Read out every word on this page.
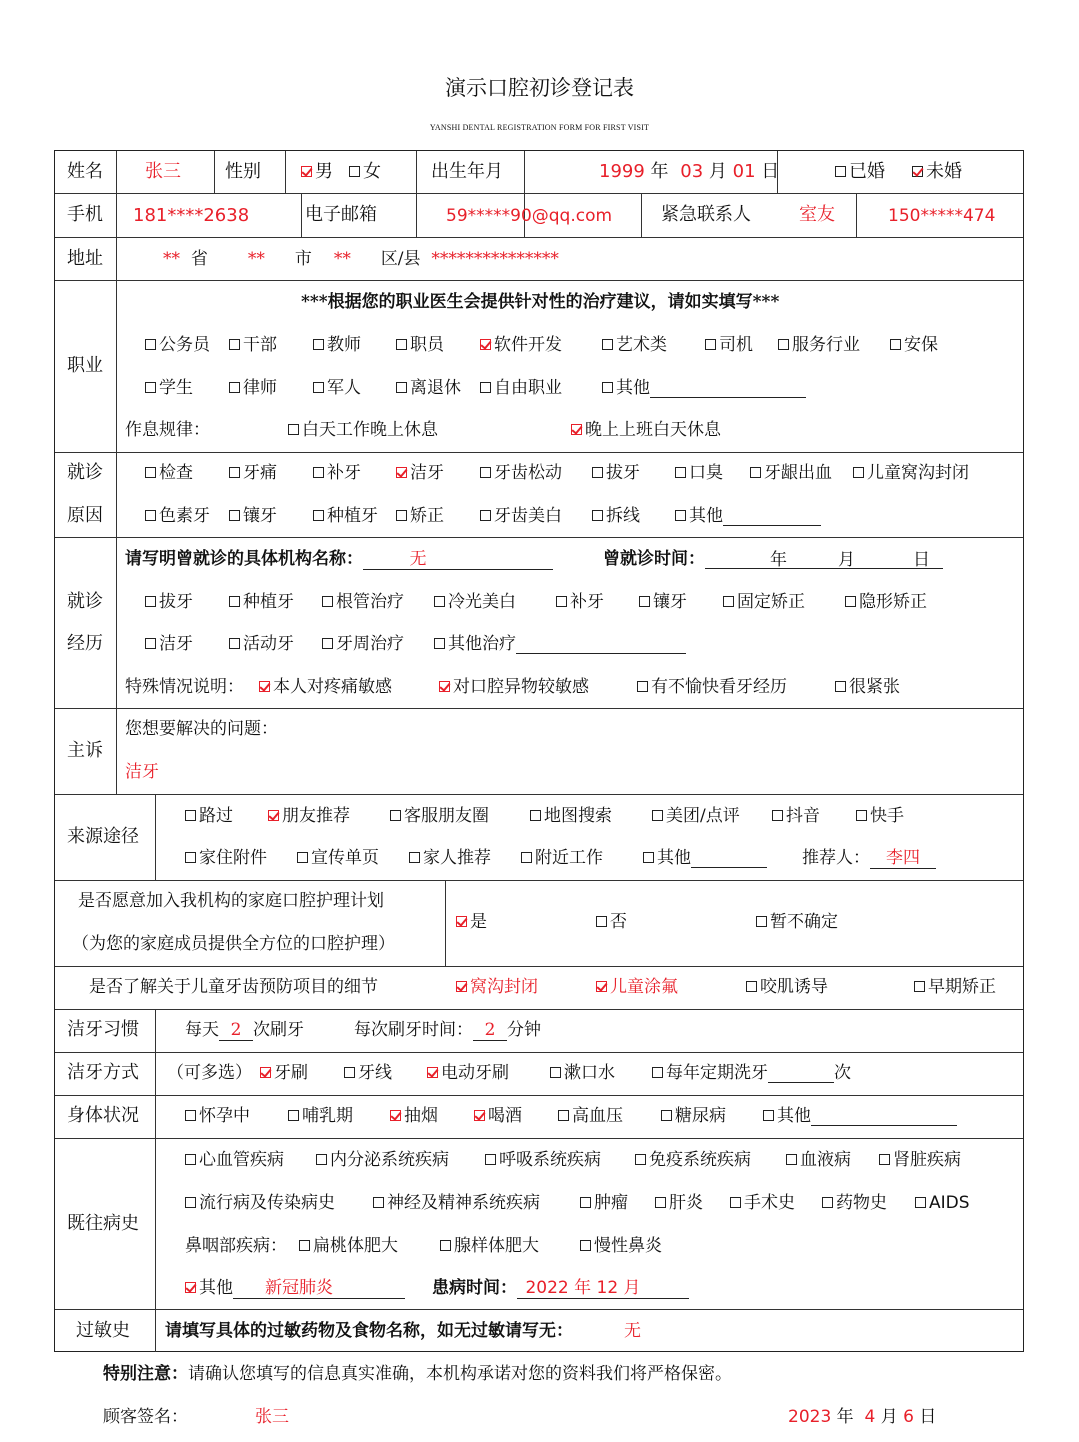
演示口腔初诊登记表
YANSHI DENTAL REGISTRATION FORM FOR FIRST VISIT
姓名 张三 性别	男	女	出生年月	1999 年 03 月 01 日	已婚	未婚
手机 181****2638	电子邮箱	59*****90@qq.com	紧急联系人	室友	150*****474
地址	** 省 ** 市 ** 区/县 ***************
职业
***根据您的职业医生会提供针对性的治疗建议，请如实填写***
公务员	干部	教师	职员	软件开发	艺术类	司机	服务行业	安保
学生	律师	军人	离退休	自由职业	其他
作息规律：	白天工作晚上休息	晚上上班白天休息
就诊
原因
检查	牙痛	补牙	洁牙	牙齿松动	拔牙	口臭	牙龈出血	儿童窝沟封闭
色素牙	镶牙	种植牙	矫正	牙齿美白	拆线	其他
就诊
经历
请写明曾就诊的具体机构名称：	无	曾就诊时间：	年	月	日
拔牙	种植牙	根管治疗	冷光美白	补牙	镶牙	固定矫正	隐形矫正
洁牙	活动牙	牙周治疗	其他治疗
特殊情况说明：	本人对疼痛敏感	对口腔异物较敏感	有不愉快看牙经历	很紧张
主诉
您想要解决的问题：
洁牙
来源途径
路过	朋友推荐	客服朋友圈	地图搜索	美团/点评	抖音	快手
家住附件	宣传单页	家人推荐	附近工作	其他	推荐人： 李四
是否愿意加入我机构的家庭口腔护理计划
（为您的家庭成员提供全方位的口腔护理）
是	否	暂不确定
是否了解关于儿童牙齿预防项目的细节	窝沟封闭	儿童涂氟	咬肌诱导	早期矫正
洁牙习惯	每天 2 次刷牙	每次刷牙时间： 2 分钟
洁牙方式 （可多选）	牙刷	牙线	电动牙刷	漱口水	每年定期洗牙	次
身体状况	怀孕中	哺乳期	抽烟	喝酒	高血压	糖尿病	其他
既往病史
心血管疾病	内分泌系统疾病	呼吸系统疾病	免疫系统疾病	血液病	肾脏疾病
流行病及传染病史	神经及精神系统疾病	肿瘤	肝炎	手术史	药物史	AIDS
鼻咽部疾病：	扁桃体肥大	腺样体肥大	慢性鼻炎
其他 新冠肺炎	患病时间： 2022 年 12 月
过敏史 请填写具体的过敏药物及食物名称，如无过敏请写无：	无
特别注意：请确认您填写的信息真实准确，本机构承诺对您的资料我们将严格保密。
顾客签名：	张三	2023 年 4 月 6 日
